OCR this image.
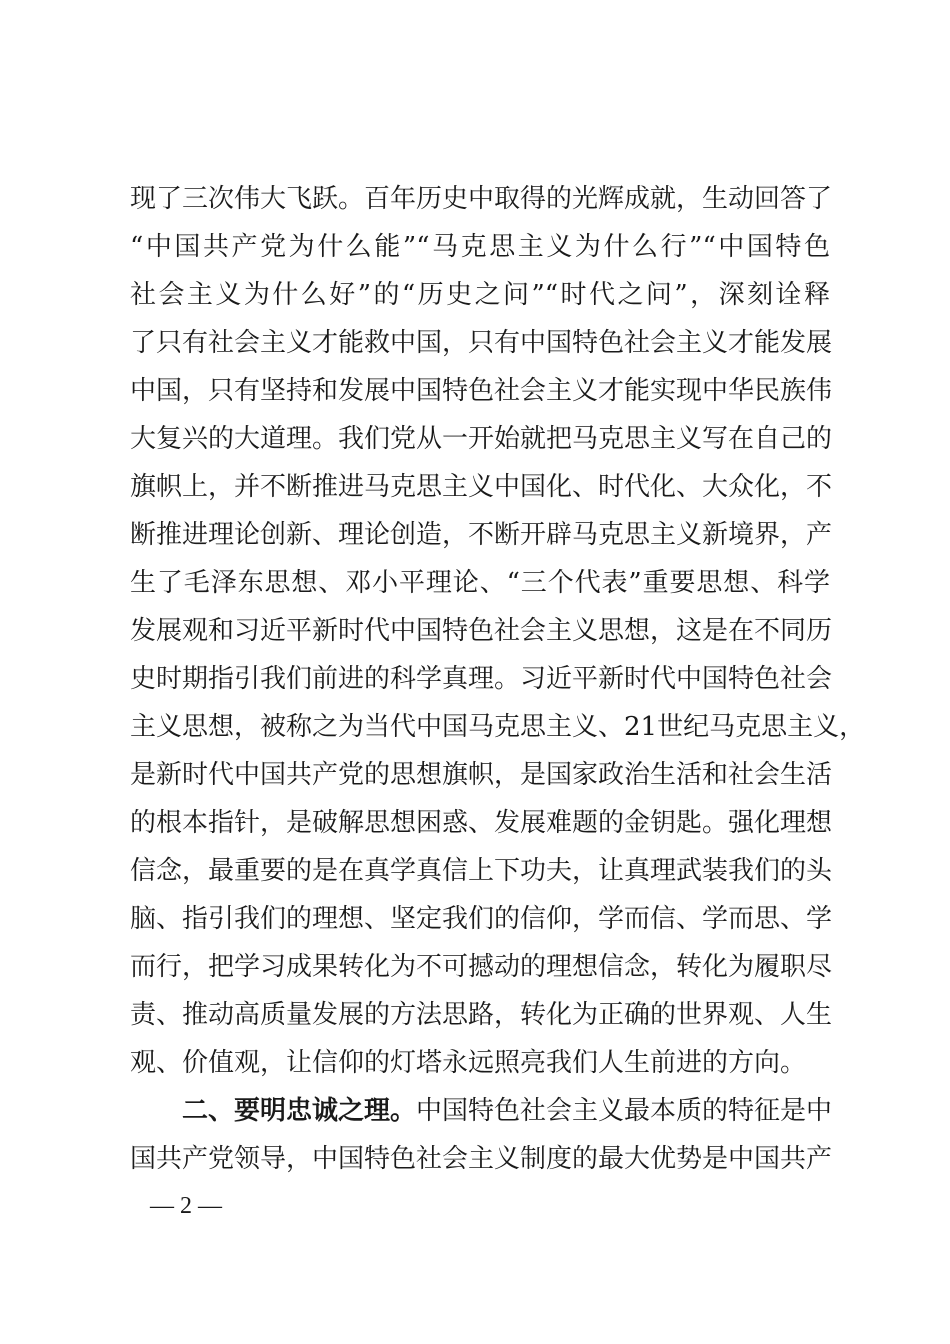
现了三次伟大飞跃。百年历史中取得的光辉成就，生动回答了
“中国共产党为什么能”“马克思主义为什么行”“中国特色
社会主义为什么好”的“历史之问”“时代之问”，深刻诠释
了只有社会主义才能救中国，只有中国特色社会主义才能发展
中国，只有坚持和发展中国特色社会主义才能实现中华民族伟
大复兴的大道理。我们党从一开始就把马克思主义写在自己的
旗帜上，并不断推进马克思主义中国化、时代化、大众化，不
断推进理论创新、理论创造，不断开辟马克思主义新境界，产
生了毛泽东思想、邓小平理论、“三个代表”重要思想、科学
发展观和习近平新时代中国特色社会主义思想，这是在不同历
史时期指引我们前进的科学真理。习近平新时代中国特色社会
主义思想，被称之为当代中国马克思主义、21世纪马克思主义，
是新时代中国共产党的思想旗帜，是国家政治生活和社会生活
的根本指针，是破解思想困惑、发展难题的金钥匙。强化理想
信念，最重要的是在真学真信上下功夫，让真理武装我们的头
脑、指引我们的理想、坚定我们的信仰，学而信、学而思、学
而行，把学习成果转化为不可撼动的理想信念，转化为履职尽
责、推动高质量发展的方法思路，转化为正确的世界观、人生
观、价值观，让信仰的灯塔永远照亮我们人生前进的方向。
二、要明忠诚之理。中国特色社会主义最本质的特征是中
国共产党领导，中国特色社会主义制度的最大优势是中国共产
— 2 —
